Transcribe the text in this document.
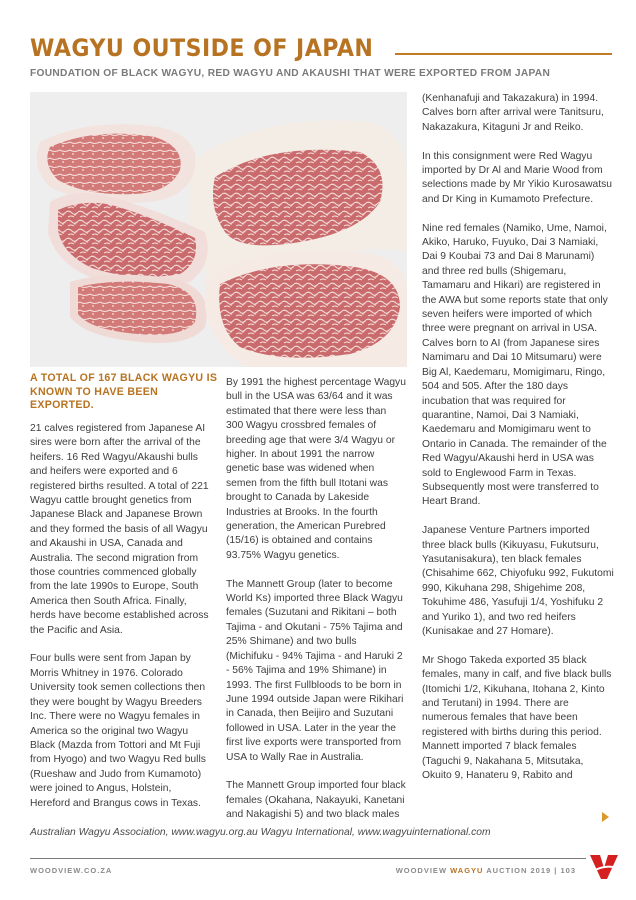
WAGYU OUTSIDE OF JAPAN
FOUNDATION OF BLACK WAGYU, RED WAGYU AND AKAUSHI THAT WERE EXPORTED FROM JAPAN
A TOTAL OF 167 BLACK WAGYU IS KNOWN TO HAVE BEEN EXPORTED.

21 calves registered from Japanese AI sires were born after the arrival of the heifers. 16 Red Wagyu/Akaushi bulls and heifers were exported and 6 registered births resulted. A total of 221 Wagyu cattle brought genetics from Japanese Black and Japanese Brown and they formed the basis of all Wagyu and Akaushi in USA, Canada and Australia. The second migration from those countries commenced globally from the late 1990s to Europe, South America then South Africa. Finally, herds have become established across the Pacific and Asia.

Four bulls were sent from Japan by Morris Whitney in 1976. Colorado University took semen collections then they were bought by Wagyu Breeders Inc. There were no Wagyu females in America so the original two Wagyu Black (Mazda from Tottori and Mt Fuji from Hyogo) and two Wagyu Red bulls (Rueshaw and Judo from Kumamoto) were joined to Angus, Holstein, Hereford and Brangus cows in Texas.

By 1991 the highest percentage Wagyu bull in the USA was 63/64 and it was estimated that there were less than 300 Wagyu crossbred females of breeding age that were 3/4 Wagyu or higher. In about 1991 the narrow genetic base was widened when semen from the fifth bull Itotani was brought to Canada by Lakeside Industries at Brooks. In the fourth generation, the American Purebred (15/16) is obtained and contains 93.75% Wagyu genetics.

The Mannett Group (later to become World Ks) imported three Black Wagyu females (Suzutani and Rikitani – both Tajima - and Okutani - 75% Tajima and 25% Shimane) and two bulls (Michifuku - 94% Tajima - and Haruki 2 - 56% Tajima and 19% Shimane) in 1993. The first Fullbloods to be born in June 1994 outside Japan were Rikihari in Canada, then Beijiro and Suzutani followed in USA. Later in the year the first live exports were transported from USA to Wally Rae in Australia.

The Mannett Group imported four black females (Okahana, Nakayuki, Kanetani and Nakagishi 5) and two black males

(Kenhanafuji and Takazakura) in 1994. Calves born after arrival were Tanitsuru, Nakazakura, Kitaguni Jr and Reiko.

In this consignment were Red Wagyu imported by Dr Al and Marie Wood from selections made by Mr Yikio Kurosawatsu and Dr King in Kumamoto Prefecture.

Nine red females (Namiko, Ume, Namoi, Akiko, Haruko, Fuyuko, Dai 3 Namiaki, Dai 9 Koubai 73 and Dai 8 Marunami) and three red bulls (Shigemaru, Tamamaru and Hikari) are registered in the AWA but some reports state that only seven heifers were imported of which three were pregnant on arrival in USA. Calves born to AI (from Japanese sires Namimaru and Dai 10 Mitsumaru) were Big Al, Kaedemaru, Momigimaru, Ringo, 504 and 505. After the 180 days incubation that was required for quarantine, Namoi, Dai 3 Namiaki, Kaedemaru and Momigimaru went to Ontario in Canada. The remainder of the Red Wagyu/Akaushi herd in USA was sold to Englewood Farm in Texas. Subsequently most were transferred to Heart Brand.

Japanese Venture Partners imported three black bulls (Kikuyasu, Fukutsuru, Yasutanisakura), ten black females (Chisahime 662, Chiyofuku 992, Fukutomi 990, Kikuhana 298, Shigehime 208, Tokuhime 486, Yasufuji 1/4, Yoshifuku 2 and Yuriko 1), and two red heifers (Kunisakae and 27 Homare).

Mr Shogo Takeda exported 35 black females, many in calf, and five black bulls (Itomichi 1/2, Kikuhana, Itohana 2, Kinto and Terutani) in 1994. There are numerous females that have been registered with births during this period. Mannett imported 7 black females (Taguchi 9, Nakahana 5, Mitsutaka, Okuito 9, Hanateru 9, Rabito and

Australian Wagyu Association, www.wagyu.org.au Wagyu International, www.wagyuinternational.com
WOODVIEW.CO.ZA	WOODVIEW WAGYU AUCTION 2019 | 103
